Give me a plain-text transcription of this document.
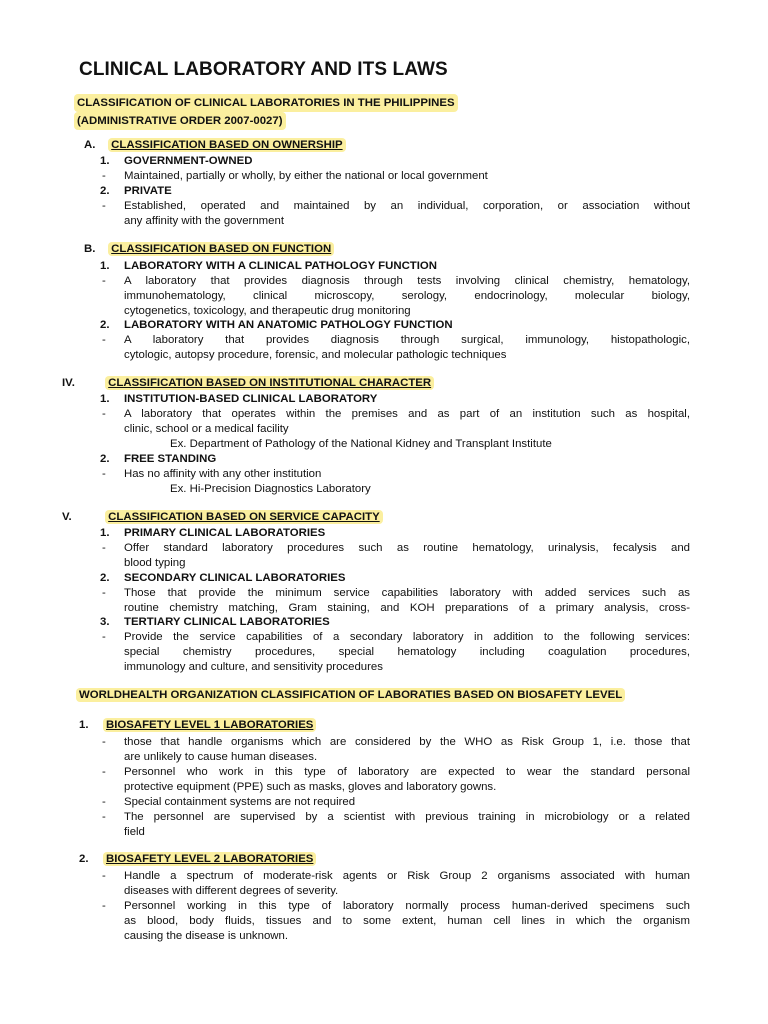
CLINICAL LABORATORY AND ITS LAWS
CLASSIFICATION OF CLINICAL LABORATORIES IN THE PHILIPPINES
(ADMINISTRATIVE ORDER 2007-0027)
A. CLASSIFICATION BASED ON OWNERSHIP
1. GOVERNMENT-OWNED
- Maintained, partially or wholly, by either the national or local government
2. PRIVATE
- Established, operated and maintained by an individual, corporation, or association without
any affinity with the government
B. CLASSIFICATION BASED ON FUNCTION
1. LABORATORY WITH A CLINICAL PATHOLOGY FUNCTION
- A laboratory that provides diagnosis through tests involving clinical chemistry, hematology,
immunohematology, clinical microscopy, serology, endocrinology, molecular biology,
cytogenetics, toxicology, and therapeutic drug monitoring
2. LABORATORY WITH AN ANATOMIC PATHOLOGY FUNCTION
- A laboratory that provides diagnosis through surgical, immunology, histopathologic,
cytologic, autopsy procedure, forensic, and molecular pathologic techniques
IV.	CLASSIFICATION BASED ON INSTITUTIONAL CHARACTER
1. INSTITUTION-BASED CLINICAL LABORATORY
- A laboratory that operates within the premises and as part of an institution such as hospital,
clinic, school or a medical facility
Ex. Department of Pathology of the National Kidney and Transplant Institute
2. FREE STANDING
- Has no affinity with any other institution
Ex. Hi-Precision Diagnostics Laboratory
V.	CLASSIFICATION BASED ON SERVICE CAPACITY
1. PRIMARY CLINICAL LABORATORIES
- Offer standard laboratory procedures such as routine hematology, urinalysis, fecalysis and
blood typing
2. SECONDARY CLINICAL LABORATORIES
- Those that provide the minimum service capabilities laboratory with added services such as
routine chemistry matching, Gram staining, and KOH preparations of a primary analysis, cross-
3. TERTIARY CLINICAL LABORATORIES
- Provide the service capabilities of a secondary laboratory in addition to the following services:
special chemistry procedures, special hematology including coagulation procedures,
immunology and culture, and sensitivity procedures
WORLDHEALTH ORGANIZATION CLASSIFICATION OF LABORATIES BASED ON BIOSAFETY LEVEL
1. BIOSAFETY LEVEL 1 LABORATORIES
- those that handle organisms which are considered by the WHO as Risk Group 1, i.e. those that
are unlikely to cause human diseases.
- Personnel who work in this type of laboratory are expected to wear the standard personal
protective equipment (PPE) such as masks, gloves and laboratory gowns.
- Special containment systems are not required
- The personnel are supervised by a scientist with previous training in microbiology or a related
field
2. BIOSAFETY LEVEL 2 LABORATORIES
- Handle a spectrum of moderate-risk agents or Risk Group 2 organisms associated with human
diseases with different degrees of severity.
- Personnel working in this type of laboratory normally process human-derived specimens such
as blood, body fluids, tissues and to some extent, human cell lines in which the organism
causing the disease is unknown.
